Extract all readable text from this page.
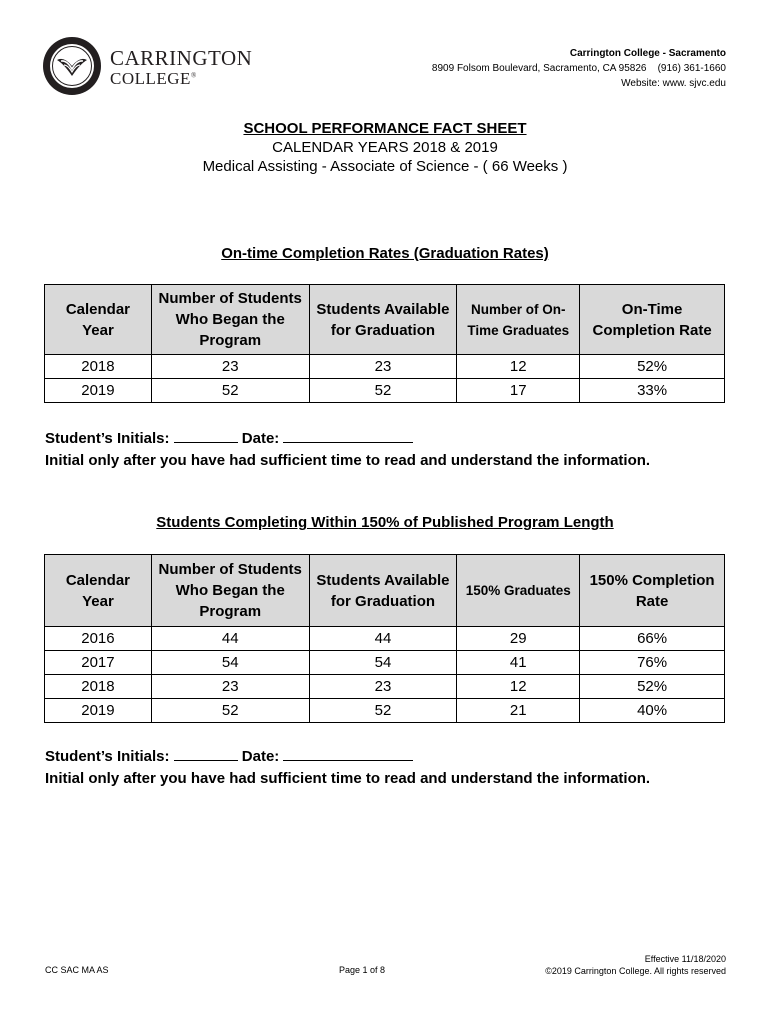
CARRINGTON
COLLEGE®
Carrington College - Sacramento
8909 Folsom Boulevard, Sacramento, CA 95826    (916) 361-1660
Website: www. sjvc.edu
SCHOOL PERFORMANCE FACT SHEET
CALENDAR YEARS 2018 & 2019
Medical Assisting - Associate of Science - ( 66 Weeks )
On-time Completion Rates (Graduation Rates)
Calendar Year	Number of Students Who Began the Program	Students Available for Graduation	Number of On-Time Graduates	On-Time Completion Rate
2018	23	23	12	52%
2019	52	52	17	33%
Student’s Initials:	Date:
Initial only after you have had sufficient time to read and understand the information.
Students Completing Within 150% of Published Program Length
Calendar Year	Number of Students Who Began the Program	Students Available for Graduation	150% Graduates	150% Completion Rate
2016	44	44	29	66%
2017	54	54	41	76%
2018	23	23	12	52%
2019	52	52	21	40%
Student’s Initials:	Date:
Initial only after you have had sufficient time to read and understand the information.
CC SAC MA AS	Page 1 of 8
Effective 11/18/2020
©2019 Carrington College. All rights reserved
